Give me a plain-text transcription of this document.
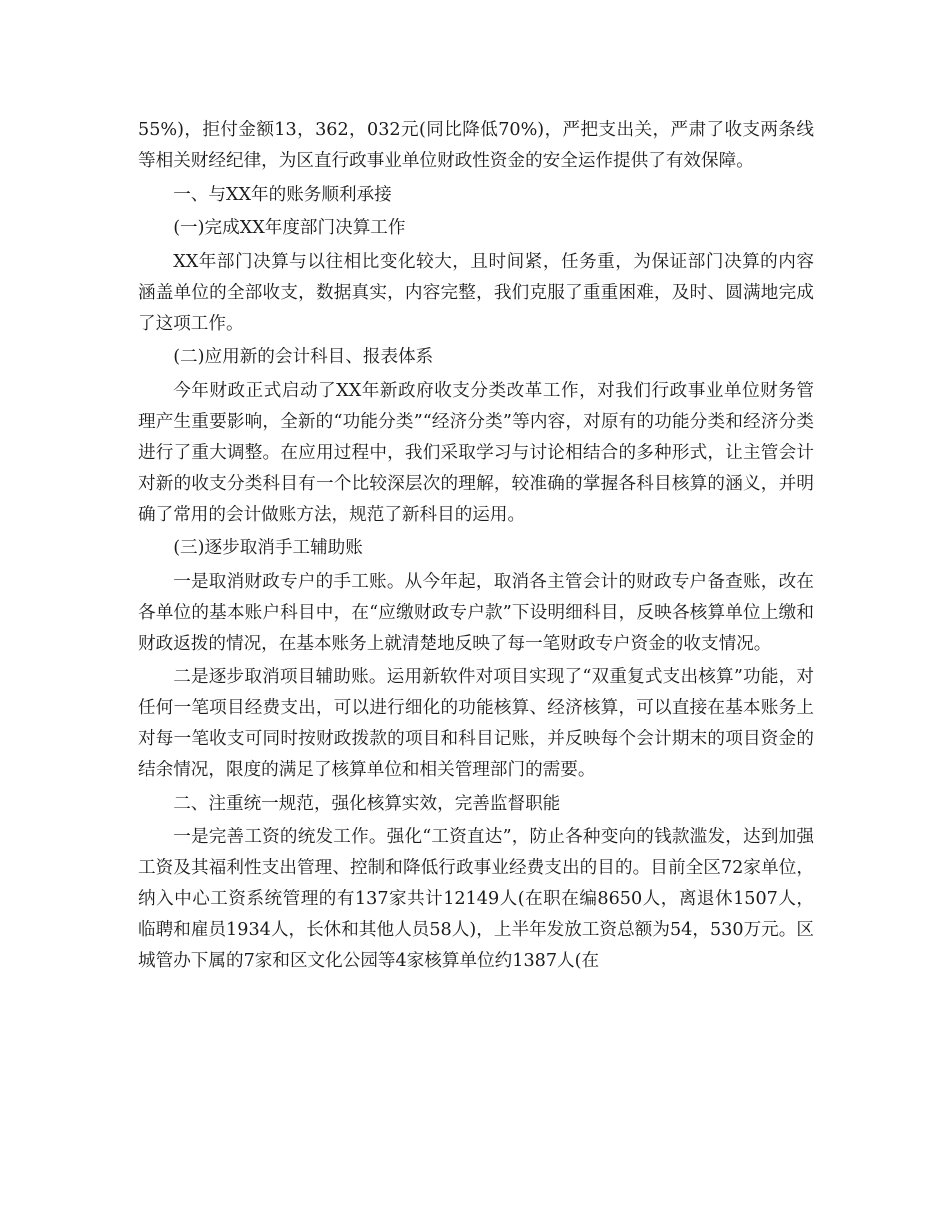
55%)，拒付金额13，362，032元(同比降低70%)，严把支出关，严肃了收支两条线等相关财经纪律，为区直行政事业单位财政性资金的安全运作提供了有效保障。

一、与XX年的账务顺利承接

(一)完成XX年度部门决算工作

XX年部门决算与以往相比变化较大，且时间紧，任务重，为保证部门决算的内容涵盖单位的全部收支，数据真实，内容完整，我们克服了重重困难，及时、圆满地完成了这项工作。

(二)应用新的会计科目、报表体系

今年财政正式启动了XX年新政府收支分类改革工作，对我们行政事业单位财务管理产生重要影响，全新的“功能分类”“经济分类”等内容，对原有的功能分类和经济分类进行了重大调整。在应用过程中，我们采取学习与讨论相结合的多种形式，让主管会计对新的收支分类科目有一个比较深层次的理解，较准确的掌握各科目核算的涵义，并明确了常用的会计做账方法，规范了新科目的运用。

(三)逐步取消手工辅助账

一是取消财政专户的手工账。从今年起，取消各主管会计的财政专户备查账，改在各单位的基本账户科目中，在“应缴财政专户款”下设明细科目，反映各核算单位上缴和财政返拨的情况，在基本账务上就清楚地反映了每一笔财政专户资金的收支情况。

二是逐步取消项目辅助账。运用新软件对项目实现了“双重复式支出核算”功能，对任何一笔项目经费支出，可以进行细化的功能核算、经济核算，可以直接在基本账务上对每一笔收支可同时按财政拨款的项目和科目记账，并反映每个会计期末的项目资金的结余情况，限度的满足了核算单位和相关管理部门的需要。

二、注重统一规范，强化核算实效，完善监督职能

一是完善工资的统发工作。强化“工资直达”，防止各种变向的钱款滥发，达到加强工资及其福利性支出管理、控制和降低行政事业经费支出的目的。目前全区72家单位，纳入中心工资系统管理的有137家共计12149人(在职在编8650人，离退休1507人，临聘和雇员1934人，长休和其他人员58人)，上半年发放工资总额为54，530万元。区城管办下属的7家和区文化公园等4家核算单位约1387人(在
